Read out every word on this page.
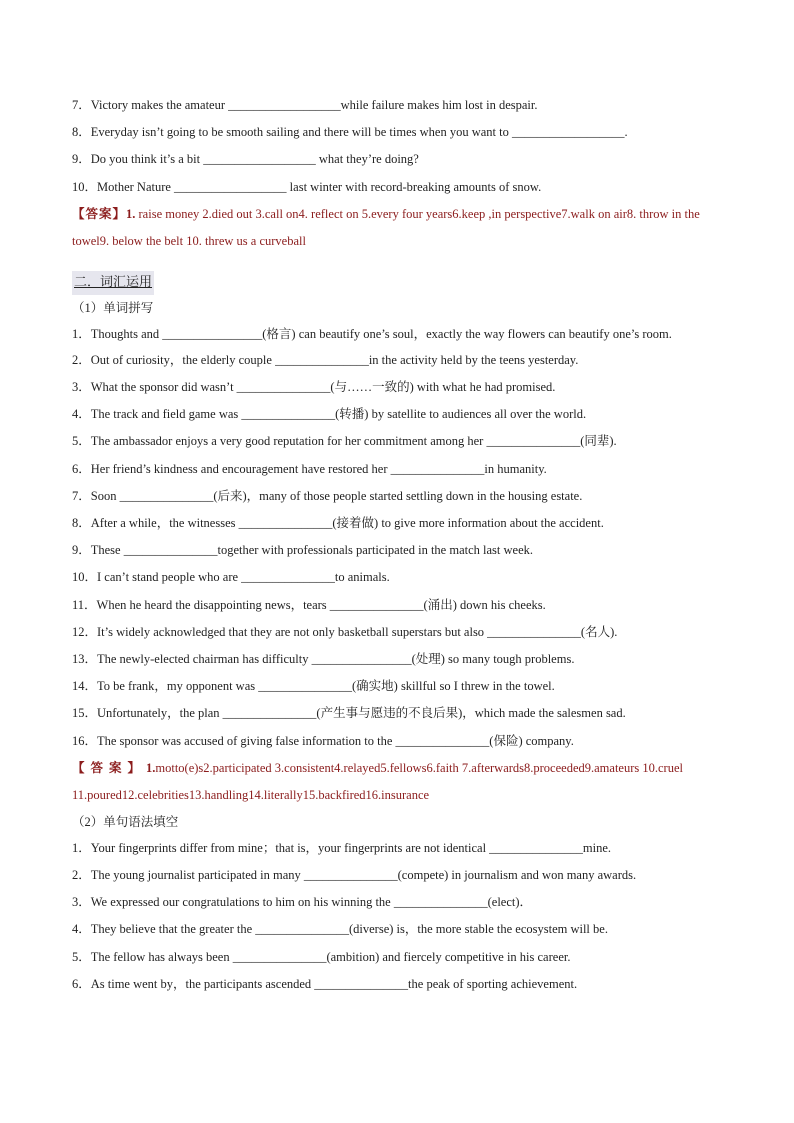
7．Victory makes the amateur __________________while failure makes him lost in despair.
8．Everyday isn’t going to be smooth sailing and there will be times when you want to __________________.
9．Do you think it’s a bit __________________ what they’re doing?
10．Mother Nature __________________ last winter with record-breaking amounts of snow.
【答案】1. raise money 2.died out 3.call on4. reflect on 5.every four years6.keep ,in perspective7.walk on air8. throw in the towel9. below the belt 10. threw us a curveball
二．词汇运用
（1）单词拼写
1．Thoughts and ________________(格言) can beautify one’s soul，exactly the way flowers can beautify one’s room.
2．Out of curiosity，the elderly couple _______________in the activity held by the teens yesterday.
3．What the sponsor did wasn’t _______________(与……一致的) with what he had promised.
4．The track and field game was _______________(转播) by satellite to audiences all over the world.
5．The ambassador enjoys a very good reputation for her commitment among her _______________(同辈).
6．Her friend’s kindness and encouragement have restored her _______________in humanity.
7．Soon _______________(后来)，many of those people started settling down in the housing estate.
8．After a while，the witnesses _______________(接着做) to give more information about the accident.
9．These _______________together with professionals participated in the match last week.
10．I can’t stand people who are _______________to animals.
11．When he heard the disappointing news，tears _______________(涌出) down his cheeks.
12．It’s widely acknowledged that they are not only basketball superstars but also _______________(名人).
13．The newly-elected chairman has difficulty ________________(处理) so many tough problems.
14．To be frank，my opponent was _______________(确实地) skillful so I threw in the towel.
15．Unfortunately，the plan _______________(产生事与愿违的不良后果)，which made the salesmen sad.
16．The sponsor was accused of giving false information to the _______________(保险) company.
【答案】1.motto(e)s2.participated 3.consistent4.relayed5.fellows6.faith 7.afterwards8.proceeded9.amateurs 10.cruel 11.poured12.celebrities13.handling14.literally15.backfired16.insurance
（2）单句语法填空
1．Your fingerprints differ from mine；that is，your fingerprints are not identical _______________mine.
2．The young journalist participated in many _______________(compete) in journalism and won many awards.
3．We expressed our congratulations to him on his winning the _______________(elect)．
4．They believe that the greater the _______________(diverse) is，the more stable the ecosystem will be.
5．The fellow has always been _______________(ambition) and fiercely competitive in his career.
6．As time went by，the participants ascended _______________the peak of sporting achievement.
